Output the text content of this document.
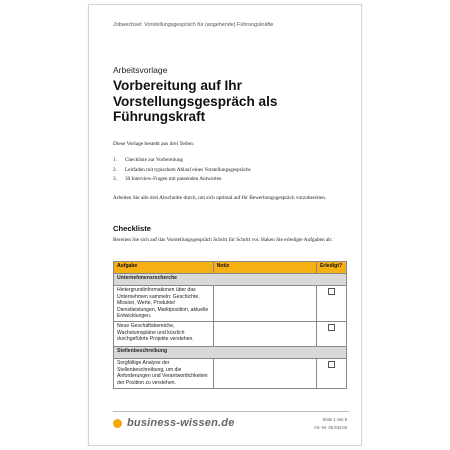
Jobwechsel: Vorstellungsgespräch für (angehende) Führungskräfte
Arbeitsvorlage
Vorbereitung auf Ihr Vorstellungsgespräch als Führungskraft
Diese Vorlage besteht aus drei Teilen:
1. Checkliste zur Vorbereitung
2. Leitfaden mit typischem Ablauf eines Vorstellungsgesprächs
3. 30 Interview-Fragen mit passenden Antworten
Arbeiten Sie alle drei Abschnitte durch, um sich optimal auf Ihr Bewerbungsgespräch vorzubereiten.
Checkliste
Bereiten Sie sich auf das Vorstellungsgespräch Schritt für Schritt vor. Haken Sie erledigte Aufgaben ab:
Aufgabe	Notiz	Erledigt?
Unternehmensrecherche		
Hintergrundinformationen über das Unternehmen sammeln: Geschichte, Mission, Werte, Produkte/ Dienstleistungen, Marktposition, aktuelle Entwicklungen.		
Neue Geschäftsbereiche, Wachstumspläne und kürzlich durchgeführte Projekte verstehen.		
Stellenbeschreibung		
Sorgfältige Analyse der Stellenbeschreibung, um die Anforderungen und Verantwortlichkeiten der Position zu verstehen.		
business-wissen.de	Seite 1 von 9
Art.-Nr. 06.034.03
